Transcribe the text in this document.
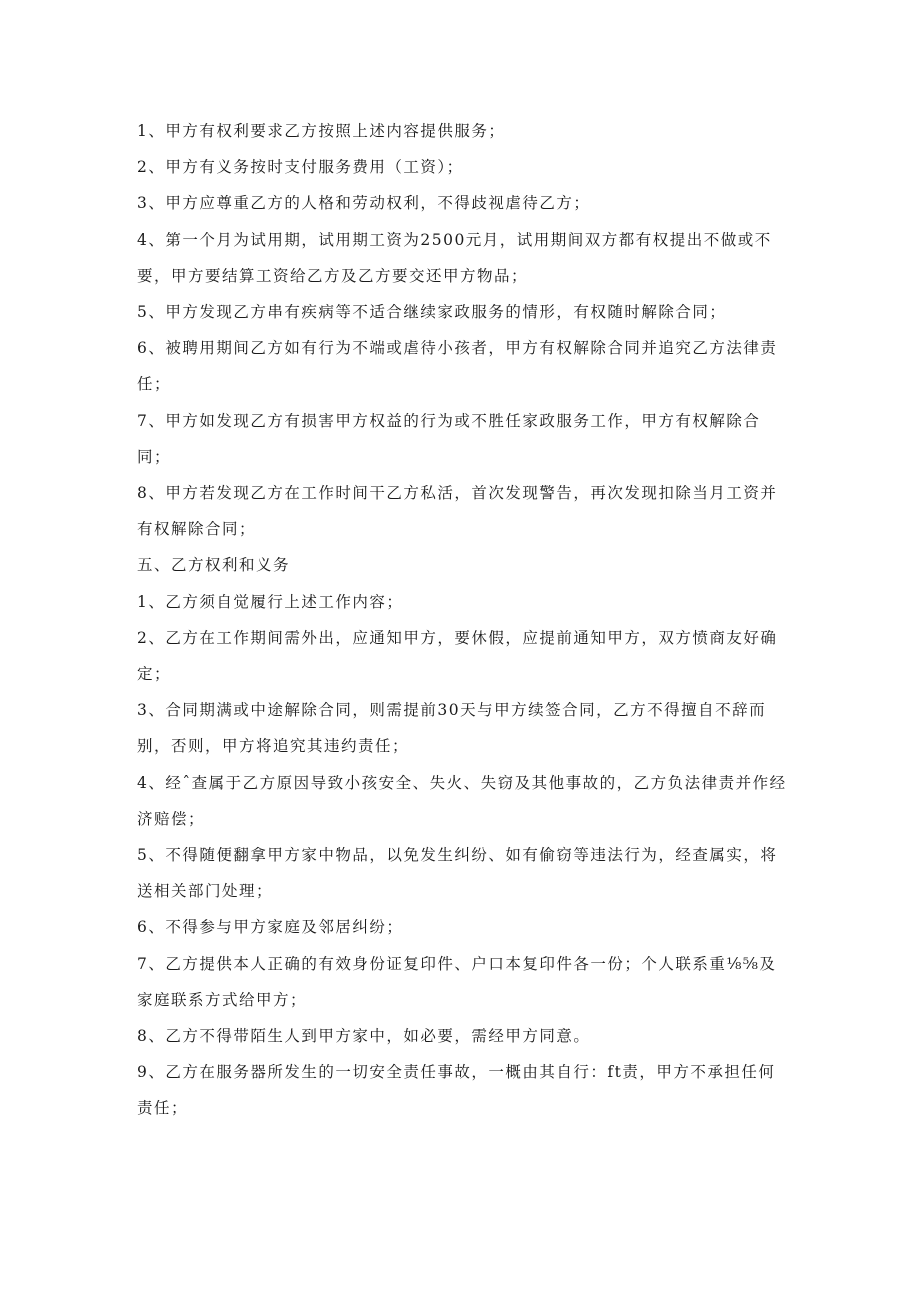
1、甲方有权利要求乙方按照上述内容提供服务；

2、甲方有义务按时支付服务费用（工资）；

3、甲方应尊重乙方的人格和劳动权利，不得歧视虐待乙方；

4、第一个月为试用期，试用期工资为2500元月，试用期间双方都有权提出不做或不要，甲方要结算工资给乙方及乙方要交还甲方物品；

5、甲方发现乙方串有疾病等不适合继续家政服务的情形，有权随时解除合同；

6、被聘用期间乙方如有行为不端或虐待小孩者，甲方有权解除合同并追究乙方法律责任；

7、甲方如发现乙方有损害甲方权益的行为或不胜任家政服务工作，甲方有权解除合同；

8、甲方若发现乙方在工作时间干乙方私活，首次发现警告，再次发现扣除当月工资并有权解除合同；

五、乙方权利和义务

1、乙方须自觉履行上述工作内容；

2、乙方在工作期间需外出，应通知甲方，要休假，应提前通知甲方，双方愤商友好确定；

3、合同期满或中途解除合同，则需提前30天与甲方续签合同，乙方不得擅自不辞而别，否则，甲方将追究其违约责任；

4、经ˆ查属于乙方原因导致小孩安全、失火、失窃及其他事故的，乙方负法律责并作经济赔偿；

5、不得随便翻拿甲方家中物品，以免发生纠纷、如有偷窃等违法行为，经查属实，将送相关部门处理；

6、不得参与甲方家庭及邻居纠纷；

7、乙方提供本人正确的有效身份证复印件、户口本复印件各一份；个人联系重⅛⅝及家庭联系方式给甲方；

8、乙方不得带陌生人到甲方家中，如必要，需经甲方同意。

9、乙方在服务器所发生的一切安全责任事故，一概由其自行：ft责，甲方不承担任何责任；
